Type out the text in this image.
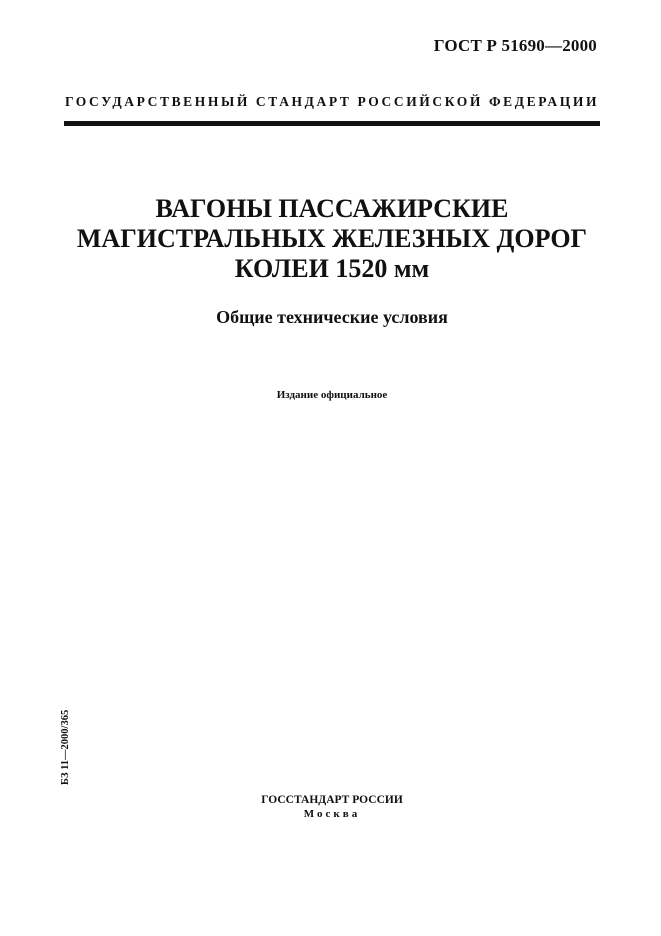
ГОСТ Р 51690—2000
ГОСУДАРСТВЕННЫЙ СТАНДАРТ РОССИЙСКОЙ ФЕДЕРАЦИИ
ВАГОНЫ ПАССАЖИРСКИЕ
МАГИСТРАЛЬНЫХ ЖЕЛЕЗНЫХ ДОРОГ
КОЛЕИ 1520 мм
Общие технические условия
Издание официальное
БЗ 11—2000/365
ГОССТАНДАРТ РОССИИ
Москва
